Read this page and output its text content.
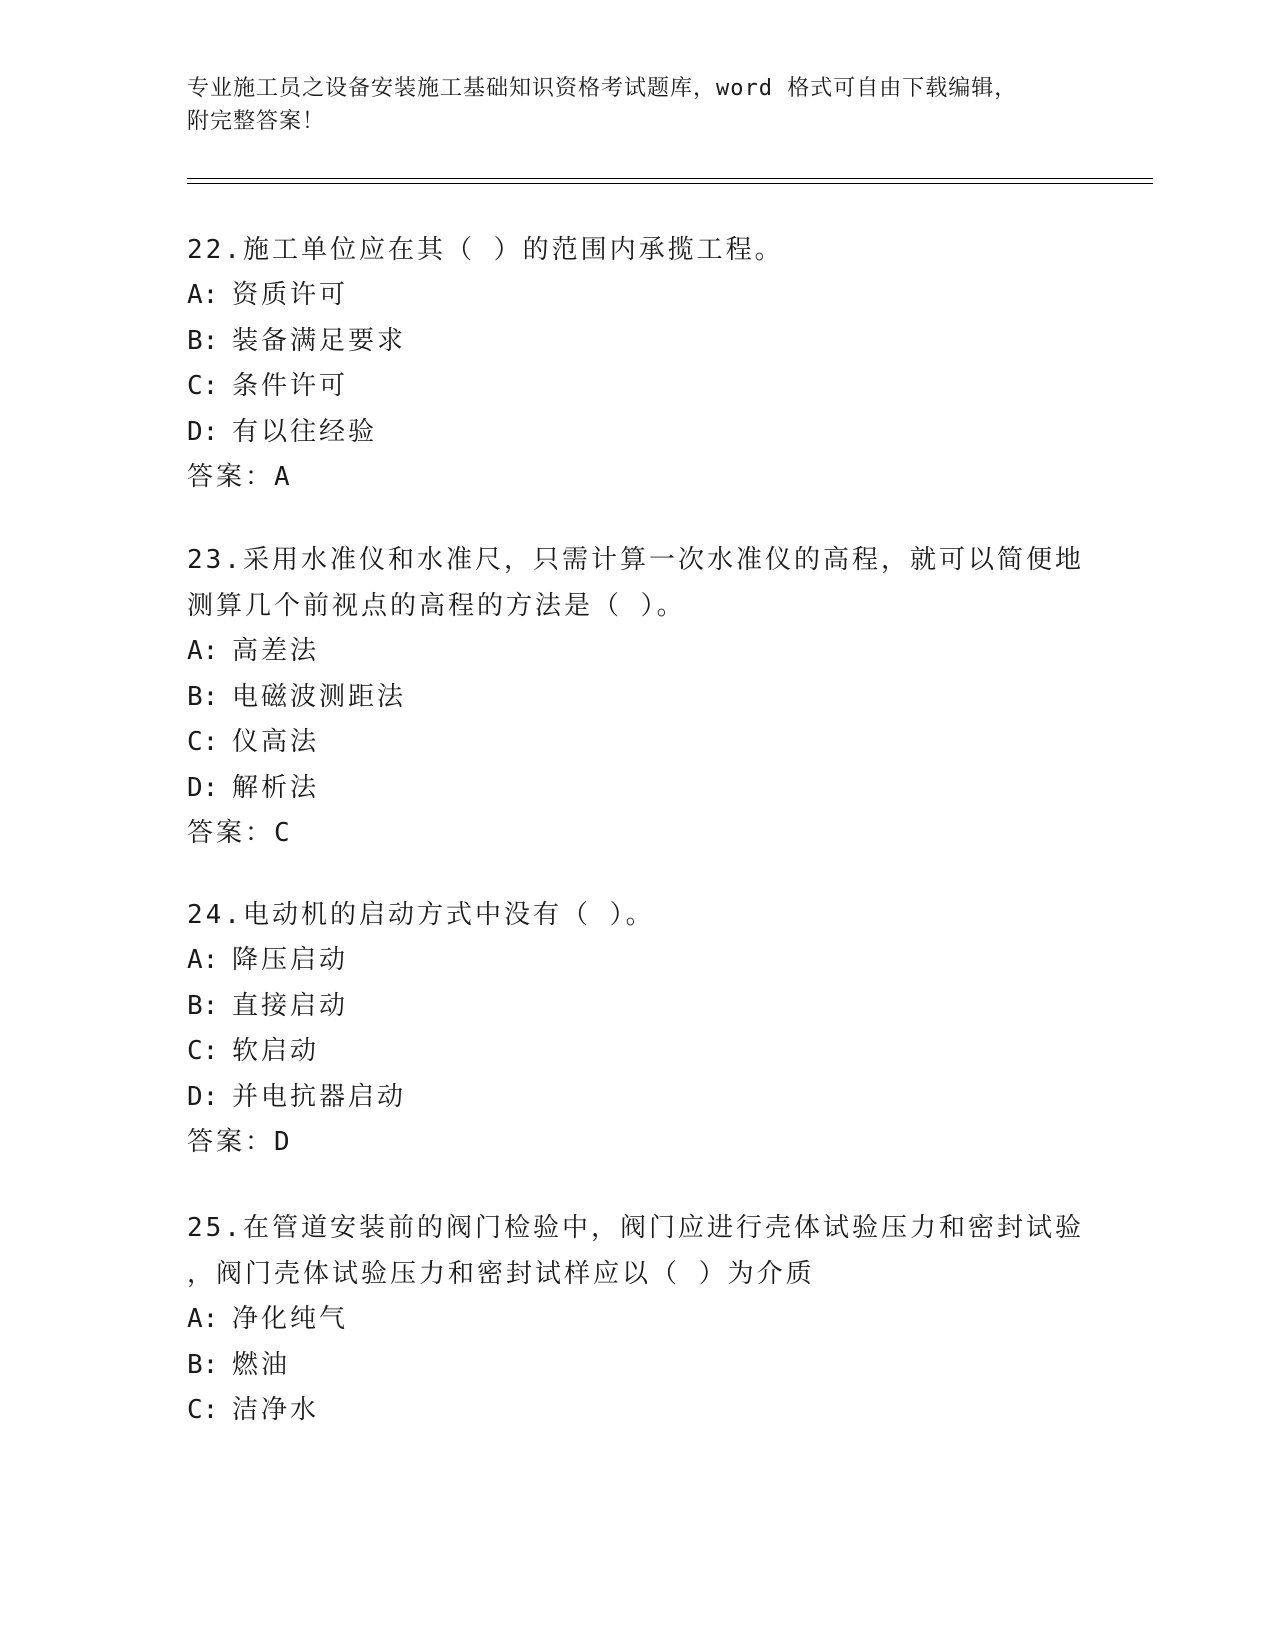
专业施工员之设备安装施工基础知识资格考试题库，word 格式可自由下载编辑，
附完整答案！

22.施工单位应在其（ ）的范围内承揽工程。

A: 资质许可

B: 装备满足要求

C: 条件许可

D: 有以往经验

答案：A

23.采用水准仪和水准尺，只需计算一次水准仪的高程，就可以简便地

测算几个前视点的高程的方法是（ ）。

A: 高差法

B: 电磁波测距法

C: 仪高法

D: 解析法

答案：C

24.电动机的启动方式中没有（ ）。

A: 降压启动

B: 直接启动

C: 软启动

D: 并电抗器启动

答案：D

25.在管道安装前的阀门检验中，阀门应进行壳体试验压力和密封试验

，阀门壳体试验压力和密封试样应以（ ）为介质

A: 净化纯气

B: 燃油

C: 洁净水
